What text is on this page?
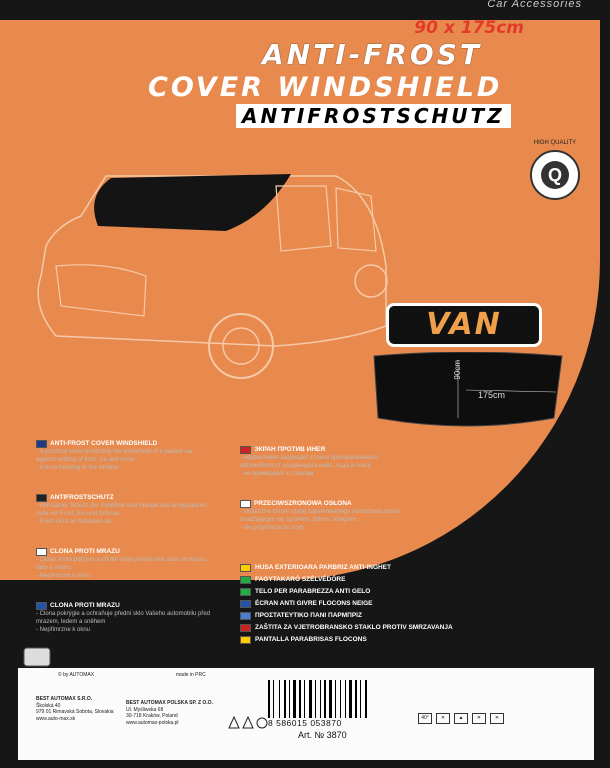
Car Accessories
90 x 175cm
ANTI-FROST
COVER WINDSHIELD
ANTIFROSTSCHUTZ
HIGH QUALITY
Q
VAN
90cm
175cm
ANTI-FROST COVER WINDSHIELD
- A practical cover protecting the windshield of a parked car
against settling of frost, ice and snow.
- It is no freezing to the window.
ANTIFROSTSCHUTZ
- Wirksamer Schutz der Scheiben und Spiegel des eingeparkten
Auto vor Frost, Eis und Schnee.
- Friert nicht an Scheiben an.
CLONA PROTI MRAZU
- Clona, ktorá pokrýva a chráni Vaše predné sklo auta od mrazu,
ľadu a snehu.
- Neprimrzne k oknu
CLONA PROTI MRAZU
- Clona pokrýgie a ochraňuje přední sklo Vašeho automobilu před
mrazem, ledem a sněhem
- Nepřimrzne k oknu
ЭКРАН ПРОТИВ ИНЕЯ
- эффективно защищает стекла припаркованного
автомобиля от оседающего инея, льда и снега
- не примерзает к стеклам
PRZECIWSZRONOWA OSŁONA
- skuteczne chroni szybę zaparkowanego samochodu przed
osadzającym się szronem, lodem, śniegiem,
- nie przymarza do szyb
HUSA EXTERIOARA PARBRIZ ANTI-INGHET
FAGYTAKARÓ SZÉLVÉDŐRE
TELO PER PARABREZZA ANTI GELO
ÉCRAN ANTI GIVRE FLOCONS NEIGE
ΠΡΟΣΤΑΤΕΥΤΙΚΟ ΠΑΝΙ ΠΑΡΜΠΡΙΖ
ZAŠTITA ZA VJETROBRANSKO STAKLO PROTIV SMRZAVANJA
PANTALLA PARABRISAS FLOCONS
© by AUTOMAX	made in PRC
BEST AUTOMAX S.R.O.
Školská 40
979 01 Rimavská Sobota, Slovakia
www.auto-max.sk
BEST AUTOMAX POLSKA SP. Z O.O.
Ul. Myśliwska 68
30-718 Kraków, Poland
www.automax-polska.pl	8 586015 053870
Art. № 3870
40°	✕	▲	✕	✕
